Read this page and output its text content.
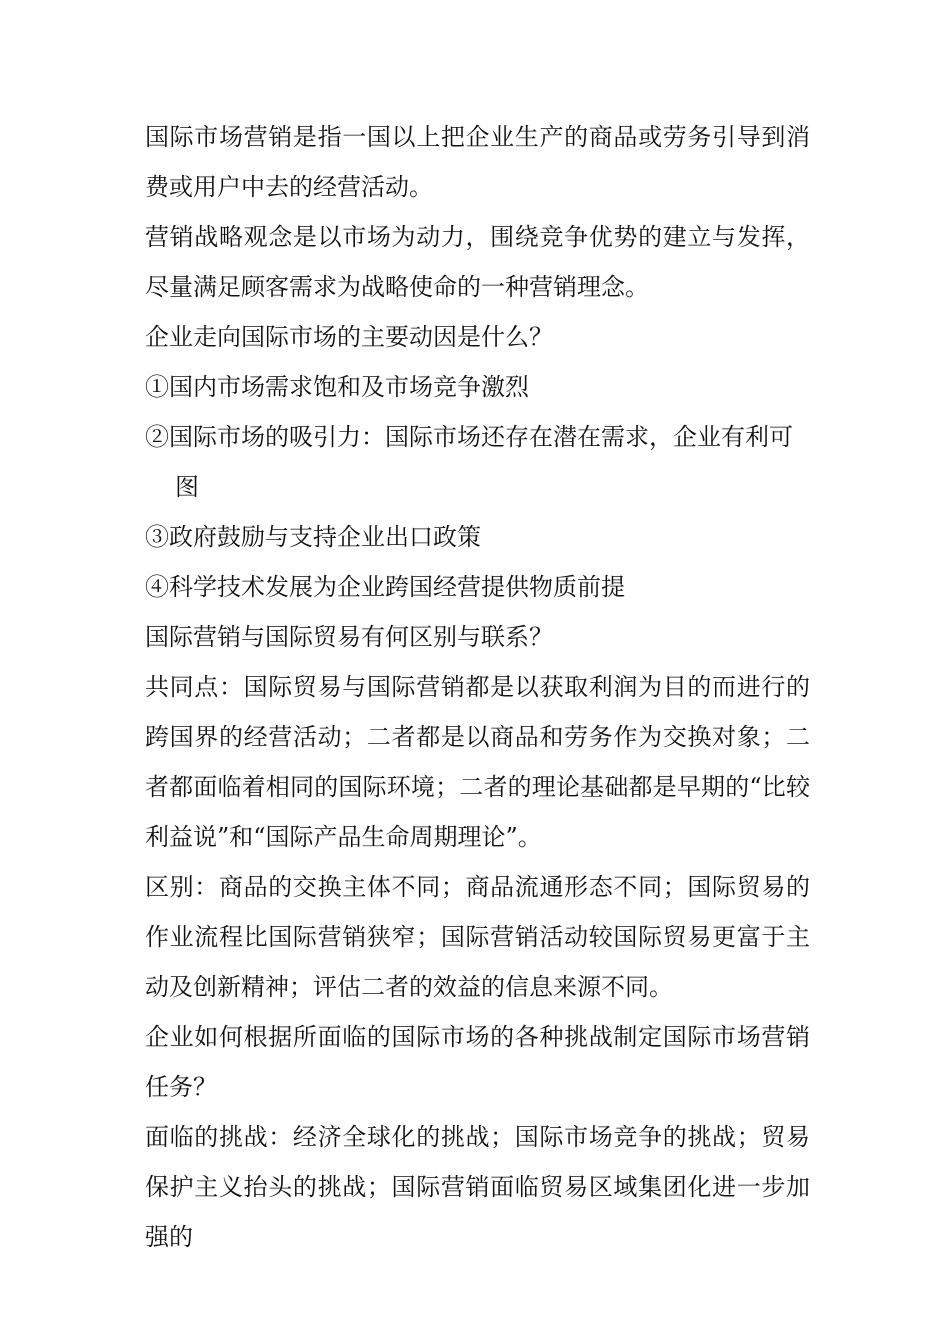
国际市场营销是指一国以上把企业生产的商品或劳务引导到消费或用户中去的经营活动。

营销战略观念是以市场为动力，围绕竞争优势的建立与发挥，尽量满足顾客需求为战略使命的一种营销理念。

企业走向国际市场的主要动因是什么？

①国内市场需求饱和及市场竞争激烈

②国际市场的吸引力：国际市场还存在潜在需求，企业有利可图

③政府鼓励与支持企业出口政策

④科学技术发展为企业跨国经营提供物质前提

国际营销与国际贸易有何区别与联系？

共同点：国际贸易与国际营销都是以获取利润为目的而进行的跨国界的经营活动；二者都是以商品和劳务作为交换对象；二者都面临着相同的国际环境；二者的理论基础都是早期的“比较利益说”和“国际产品生命周期理论”。

区别：商品的交换主体不同；商品流通形态不同；国际贸易的作业流程比国际营销狭窄；国际营销活动较国际贸易更富于主动及创新精神；评估二者的效益的信息来源不同。

企业如何根据所面临的国际市场的各种挑战制定国际市场营销任务？

面临的挑战：经济全球化的挑战；国际市场竞争的挑战；贸易保护主义抬头的挑战；国际营销面临贸易区域集团化进一步加强的
